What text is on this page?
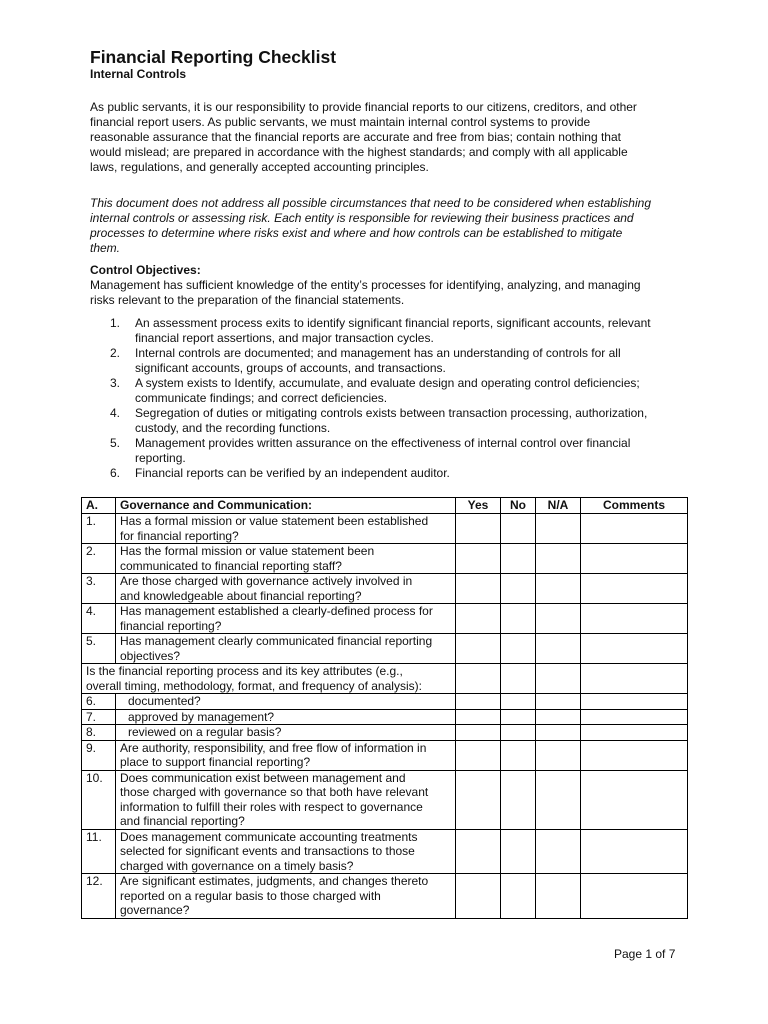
Financial Reporting Checklist
Internal Controls

As public servants, it is our responsibility to provide financial reports to our citizens, creditors, and other
financial report users. As public servants, we must maintain internal control systems to provide
reasonable assurance that the financial reports are accurate and free from bias; contain nothing that
would mislead; are prepared in accordance with the highest standards; and comply with all applicable
laws, regulations, and generally accepted accounting principles.

This document does not address all possible circumstances that need to be considered when establishing
internal controls or assessing risk. Each entity is responsible for reviewing their business practices and
processes to determine where risks exist and where and how controls can be established to mitigate
them.

Control Objectives:

Management has sufficient knowledge of the entity’s processes for identifying, analyzing, and managing
risks relevant to the preparation of the financial statements.

1. An assessment process exits to identify significant financial reports, significant accounts, relevant
financial report assertions, and major transaction cycles.
2. Internal controls are documented; and management has an understanding of controls for all
significant accounts, groups of accounts, and transactions.
3. A system exists to Identify, accumulate, and evaluate design and operating control deficiencies;
communicate findings; and correct deficiencies.
4. Segregation of duties or mitigating controls exists between transaction processing, authorization,
custody, and the recording functions.
5. Management provides written assurance on the effectiveness of internal control over financial
reporting.
6. Financial reports can be verified by an independent auditor.
A.	Governance and Communication:	Yes	No	N/A	Comments
1.	Has a formal mission or value statement been established
for financial reporting?				

2.	Has the formal mission or value statement been
communicated to financial reporting staff?				

3.	Are those charged with governance actively involved in
and knowledgeable about financial reporting?				

4.	Has management established a clearly-defined process for
financial reporting?				

5.	Has management clearly communicated financial reporting
objectives?				

Is the financial reporting process and its key attributes (e.g.,
overall timing, methodology, format, and frequency of analysis):					

6.	documented?				

7.	approved by management?				

8.	reviewed on a regular basis?				

9.	Are authority, responsibility, and free flow of information in
place to support financial reporting?				

10.	Does communication exist between management and
those charged with governance so that both have relevant
information to fulfill their roles with respect to governance
and financial reporting?				

11.	Does management communicate accounting treatments
selected for significant events and transactions to those
charged with governance on a timely basis?				

12.	Are significant estimates, judgments, and changes thereto
reported on a regular basis to those charged with
governance?				

Page 1 of 7
